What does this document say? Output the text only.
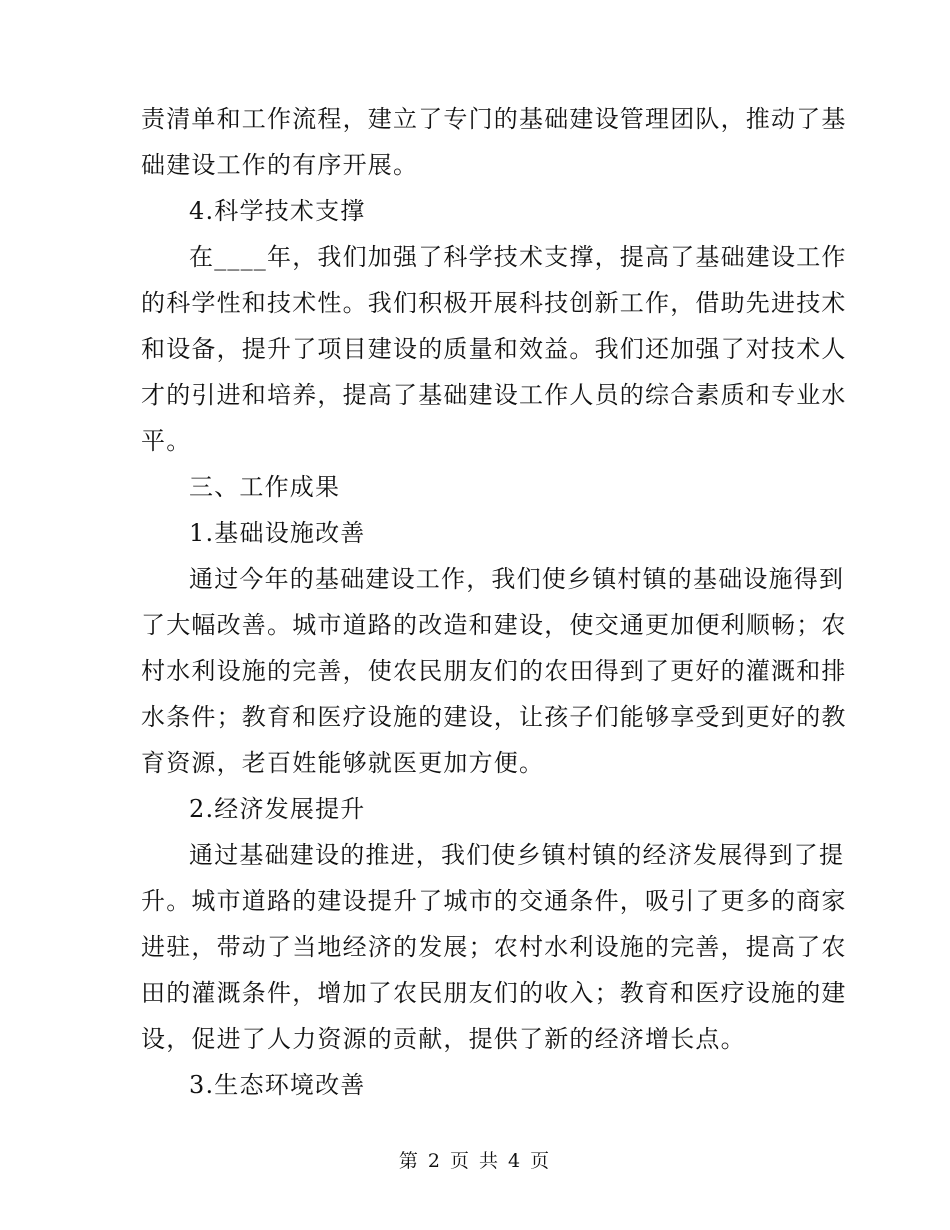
责清单和工作流程，建立了专门的基础建设管理团队，推动了基
础建设工作的有序开展。
4.科学技术支撑
在____年，我们加强了科学技术支撑，提高了基础建设工作
的科学性和技术性。我们积极开展科技创新工作，借助先进技术
和设备，提升了项目建设的质量和效益。我们还加强了对技术人
才的引进和培养，提高了基础建设工作人员的综合素质和专业水
平。
三、工作成果
1.基础设施改善
通过今年的基础建设工作，我们使乡镇村镇的基础设施得到
了大幅改善。城市道路的改造和建设，使交通更加便利顺畅；农
村水利设施的完善，使农民朋友们的农田得到了更好的灌溉和排
水条件；教育和医疗设施的建设，让孩子们能够享受到更好的教
育资源，老百姓能够就医更加方便。
2.经济发展提升
通过基础建设的推进，我们使乡镇村镇的经济发展得到了提
升。城市道路的建设提升了城市的交通条件，吸引了更多的商家
进驻，带动了当地经济的发展；农村水利设施的完善，提高了农
田的灌溉条件，增加了农民朋友们的收入；教育和医疗设施的建
设，促进了人力资源的贡献，提供了新的经济增长点。
3.生态环境改善
第 2 页 共 4 页
